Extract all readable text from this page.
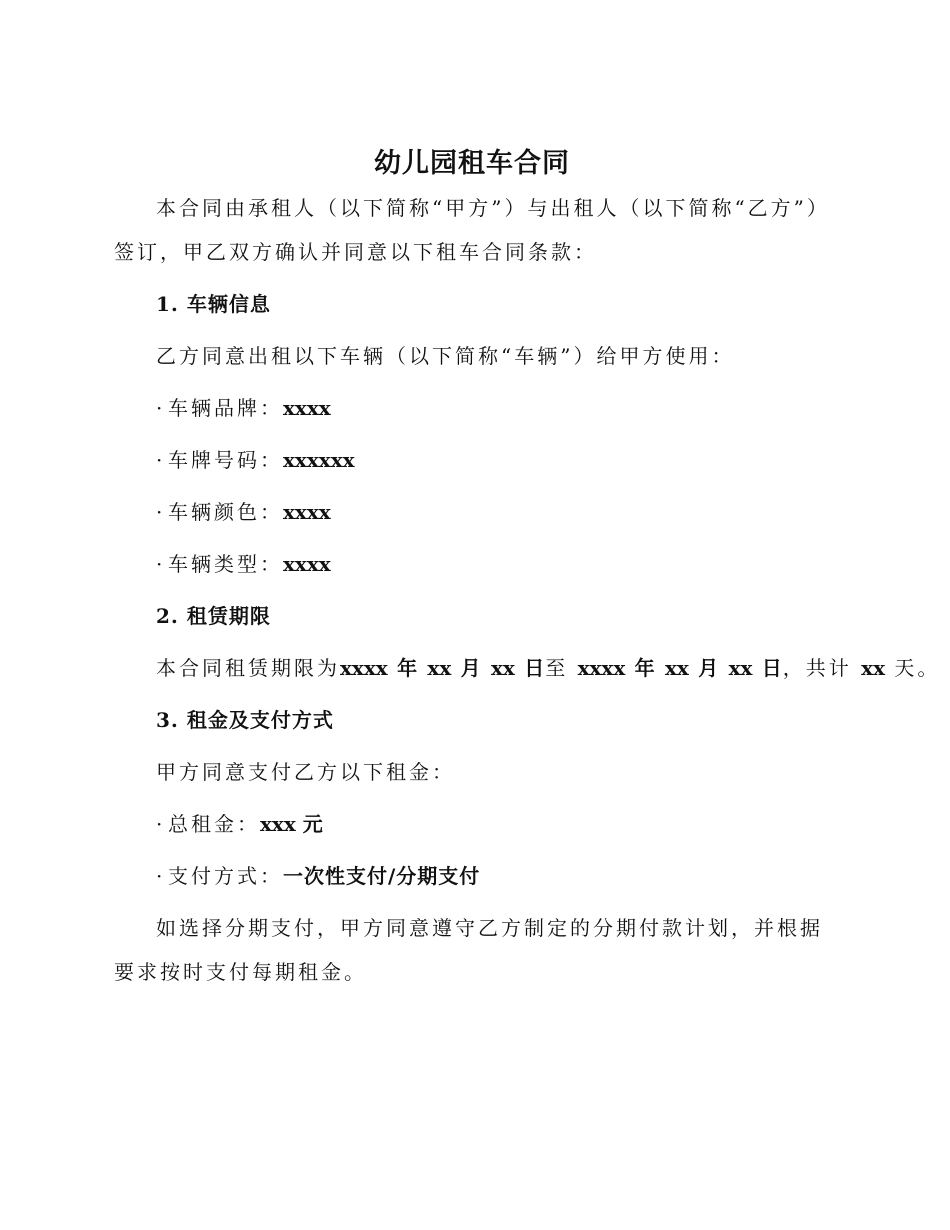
幼儿园租车合同

本合同由承租人（以下简称“甲方”）与出租人（以下简称“乙方”）签订，甲乙双方确认并同意以下租车合同条款：

1. 车辆信息

乙方同意出租以下车辆（以下简称“车辆”）给甲方使用：

· 车辆品牌：xxxx

· 车牌号码：xxxxxx

· 车辆颜色：xxxx

· 车辆类型：xxxx

2. 租赁期限

本合同租赁期限为xxxx 年 xx 月 xx 日至 xxxx 年 xx 月 xx 日，共计 xx 天。

3. 租金及支付方式

甲方同意支付乙方以下租金：

· 总租金：xxx 元

· 支付方式：一次性支付/分期支付

如选择分期支付，甲方同意遵守乙方制定的分期付款计划，并根据要求按时支付每期租金。
